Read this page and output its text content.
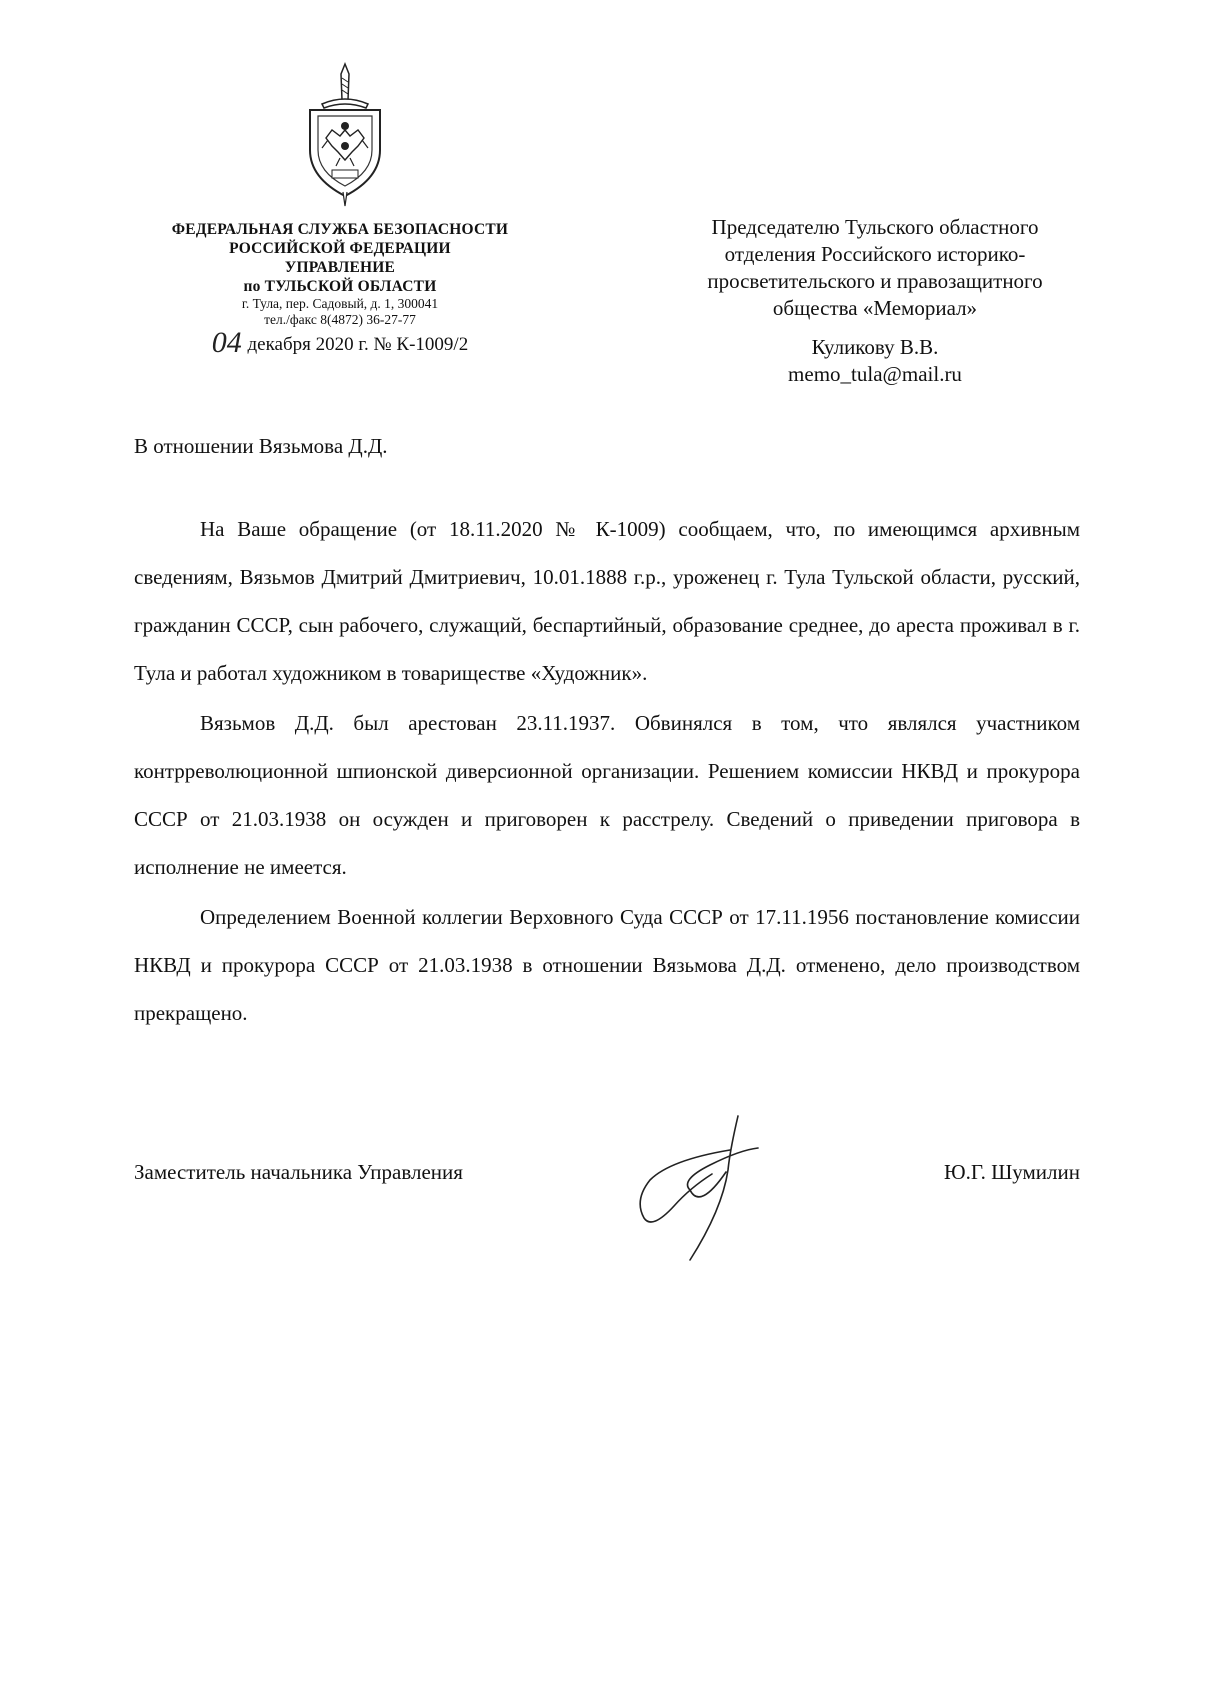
ФЕДЕРАЛЬНАЯ СЛУЖБА БЕЗОПАСНОСТИ
РОССИЙСКОЙ ФЕДЕРАЦИИ
УПРАВЛЕНИЕ
по ТУЛЬСКОЙ ОБЛАСТИ
г. Тула, пер. Садовый, д. 1, 300041
тел./факс 8(4872) 36-27-77
04 декабря 2020 г. № К-1009/2
Председателю Тульского областного
отделения Российского историко-
просветительского и правозащитного
общества «Мемориал»
Куликову В.В.
memo_tula@mail.ru
В отношении Вязьмова Д.Д.

На Ваше обращение (от 18.11.2020 № К-1009) сообщаем, что, по имеющимся архивным сведениям, Вязьмов Дмитрий Дмитриевич, 10.01.1888 г.р., уроженец г. Тула Тульской области, русский, гражданин СССР, сын рабочего, служащий, беспартийный, образование среднее, до ареста проживал в г. Тула и работал художником в товариществе «Художник».

Вязьмов Д.Д. был арестован 23.11.1937. Обвинялся в том, что являлся участником контрреволюционной шпионской диверсионной организации. Решением комиссии НКВД и прокурора СССР от 21.03.1938 он осужден и приговорен к расстрелу. Сведений о приведении приговора в исполнение не имеется.

Определением Военной коллегии Верховного Суда СССР от 17.11.1956 постановление комиссии НКВД и прокурора СССР от 21.03.1938 в отношении Вязьмова Д.Д. отменено, дело производством прекращено.

Заместитель начальника Управления	Ю.Г. Шумилин
